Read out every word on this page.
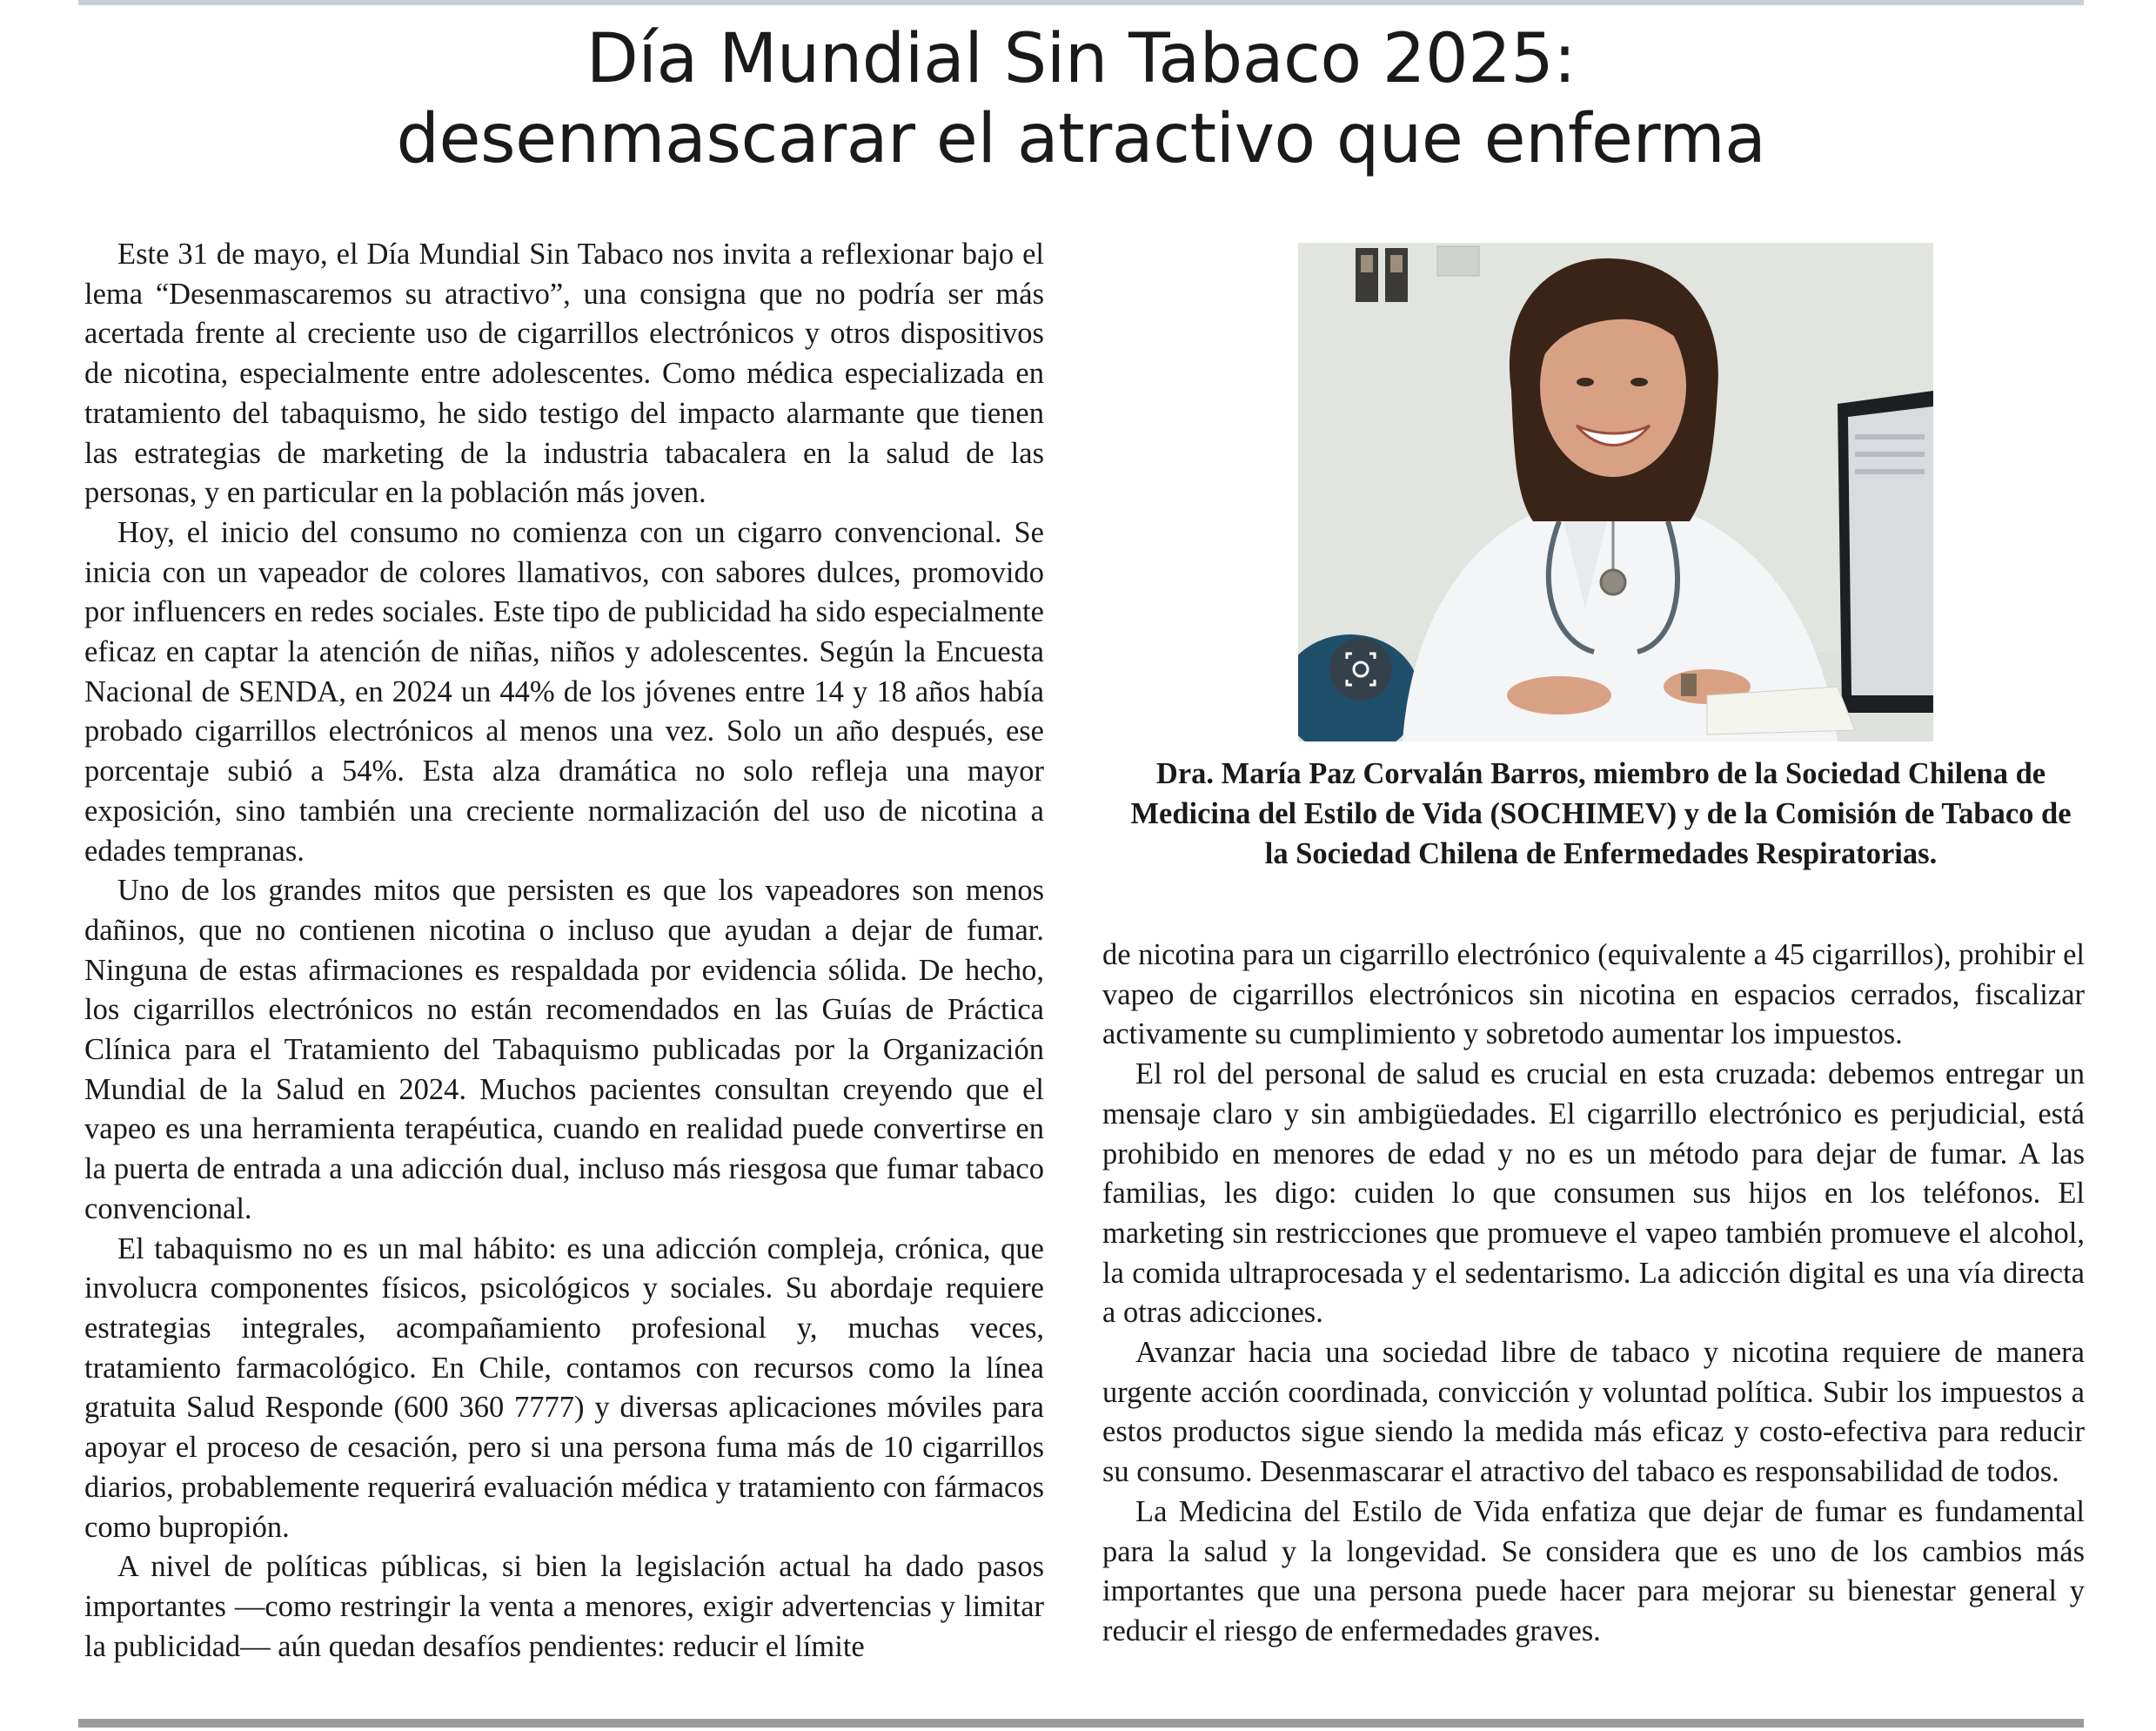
Día Mundial Sin Tabaco 2025:
desenmascarar el atractivo que enferma

Este 31 de mayo, el Día Mundial Sin Tabaco nos invita a reflexionar bajo el lema “Desenmascaremos su atractivo”, una consigna que no podría ser más acertada frente al creciente uso de cigarrillos electrónicos y otros dispositivos de nicotina, especialmente entre adolescentes. Como médica especializada en tratamiento del tabaquismo, he sido testigo del impacto alarmante que tienen las estrategias de marketing de la industria tabacalera en la salud de las personas, y en particular en la población más joven.

Hoy, el inicio del consumo no comienza con un cigarro convencional. Se inicia con un vapeador de colores llamativos, con sabores dulces, promovido por influencers en redes sociales. Este tipo de publicidad ha sido especialmente eficaz en captar la atención de niñas, niños y adolescentes. Según la Encuesta Nacional de SENDA, en 2024 un 44% de los jóvenes entre 14 y 18 años había probado cigarrillos electrónicos al menos una vez. Solo un año después, ese porcentaje subió a 54%. Esta alza dramática no solo refleja una mayor exposición, sino también una creciente normalización del uso de nicotina a edades tempranas.

Uno de los grandes mitos que persisten es que los vapeadores son menos dañinos, que no contienen nicotina o incluso que ayudan a dejar de fumar. Ninguna de estas afirmaciones es respaldada por evidencia sólida. De hecho, los cigarrillos electrónicos no están recomendados en las Guías de Práctica Clínica para el Tratamiento del Tabaquismo publicadas por la Organización Mundial de la Salud en 2024. Muchos pacientes consultan creyendo que el vapeo es una herramienta terapéutica, cuando en realidad puede convertirse en la puerta de entrada a una adicción dual, incluso más riesgosa que fumar tabaco convencional.

El tabaquismo no es un mal hábito: es una adicción compleja, crónica, que involucra componentes físicos, psicológicos y sociales. Su abordaje requiere estrategias integrales, acompañamiento profesional y, muchas veces, tratamiento farmacológico. En Chile, contamos con recursos como la línea gratuita Salud Responde (600 360 7777) y diversas aplicaciones móviles para apoyar el proceso de cesación, pero si una persona fuma más de 10 cigarrillos diarios, probablemente requerirá evaluación médica y tratamiento con fármacos como bupropión.

A nivel de políticas públicas, si bien la legislación actual ha dado pasos importantes —como restringir la venta a menores, exigir advertencias y limitar la publicidad— aún quedan desafíos pendientes: reducir el límite

Dra. María Paz Corvalán Barros, miembro de la Sociedad Chilena de Medicina del Estilo de Vida (SOCHIMEV) y de la Comisión de Tabaco de la Sociedad Chilena de Enfermedades Respiratorias.

de nicotina para un cigarrillo electrónico (equivalente a 45 cigarrillos), prohibir el vapeo de cigarrillos electrónicos sin nicotina en espacios cerrados, fiscalizar activamente su cumplimiento y sobretodo aumentar los impuestos.

El rol del personal de salud es crucial en esta cruzada: debemos entregar un mensaje claro y sin ambigüedades. El cigarrillo electrónico es perjudicial, está prohibido en menores de edad y no es un método para dejar de fumar. A las familias, les digo: cuiden lo que consumen sus hijos en los teléfonos. El marketing sin restricciones que promueve el vapeo también promueve el alcohol, la comida ultraprocesada y el sedentarismo. La adicción digital es una vía directa a otras adicciones.

Avanzar hacia una sociedad libre de tabaco y nicotina requiere de manera urgente acción coordinada, convicción y voluntad política. Subir los impuestos a estos productos sigue siendo la medida más eficaz y costo-efectiva para reducir su consumo. Desenmascarar el atractivo del tabaco es responsabilidad de todos.

La Medicina del Estilo de Vida enfatiza que dejar de fumar es fundamental para la salud y la longevidad. Se considera que es uno de los cambios más importantes que una persona puede hacer para mejorar su bienestar general y reducir el riesgo de enfermedades graves.
